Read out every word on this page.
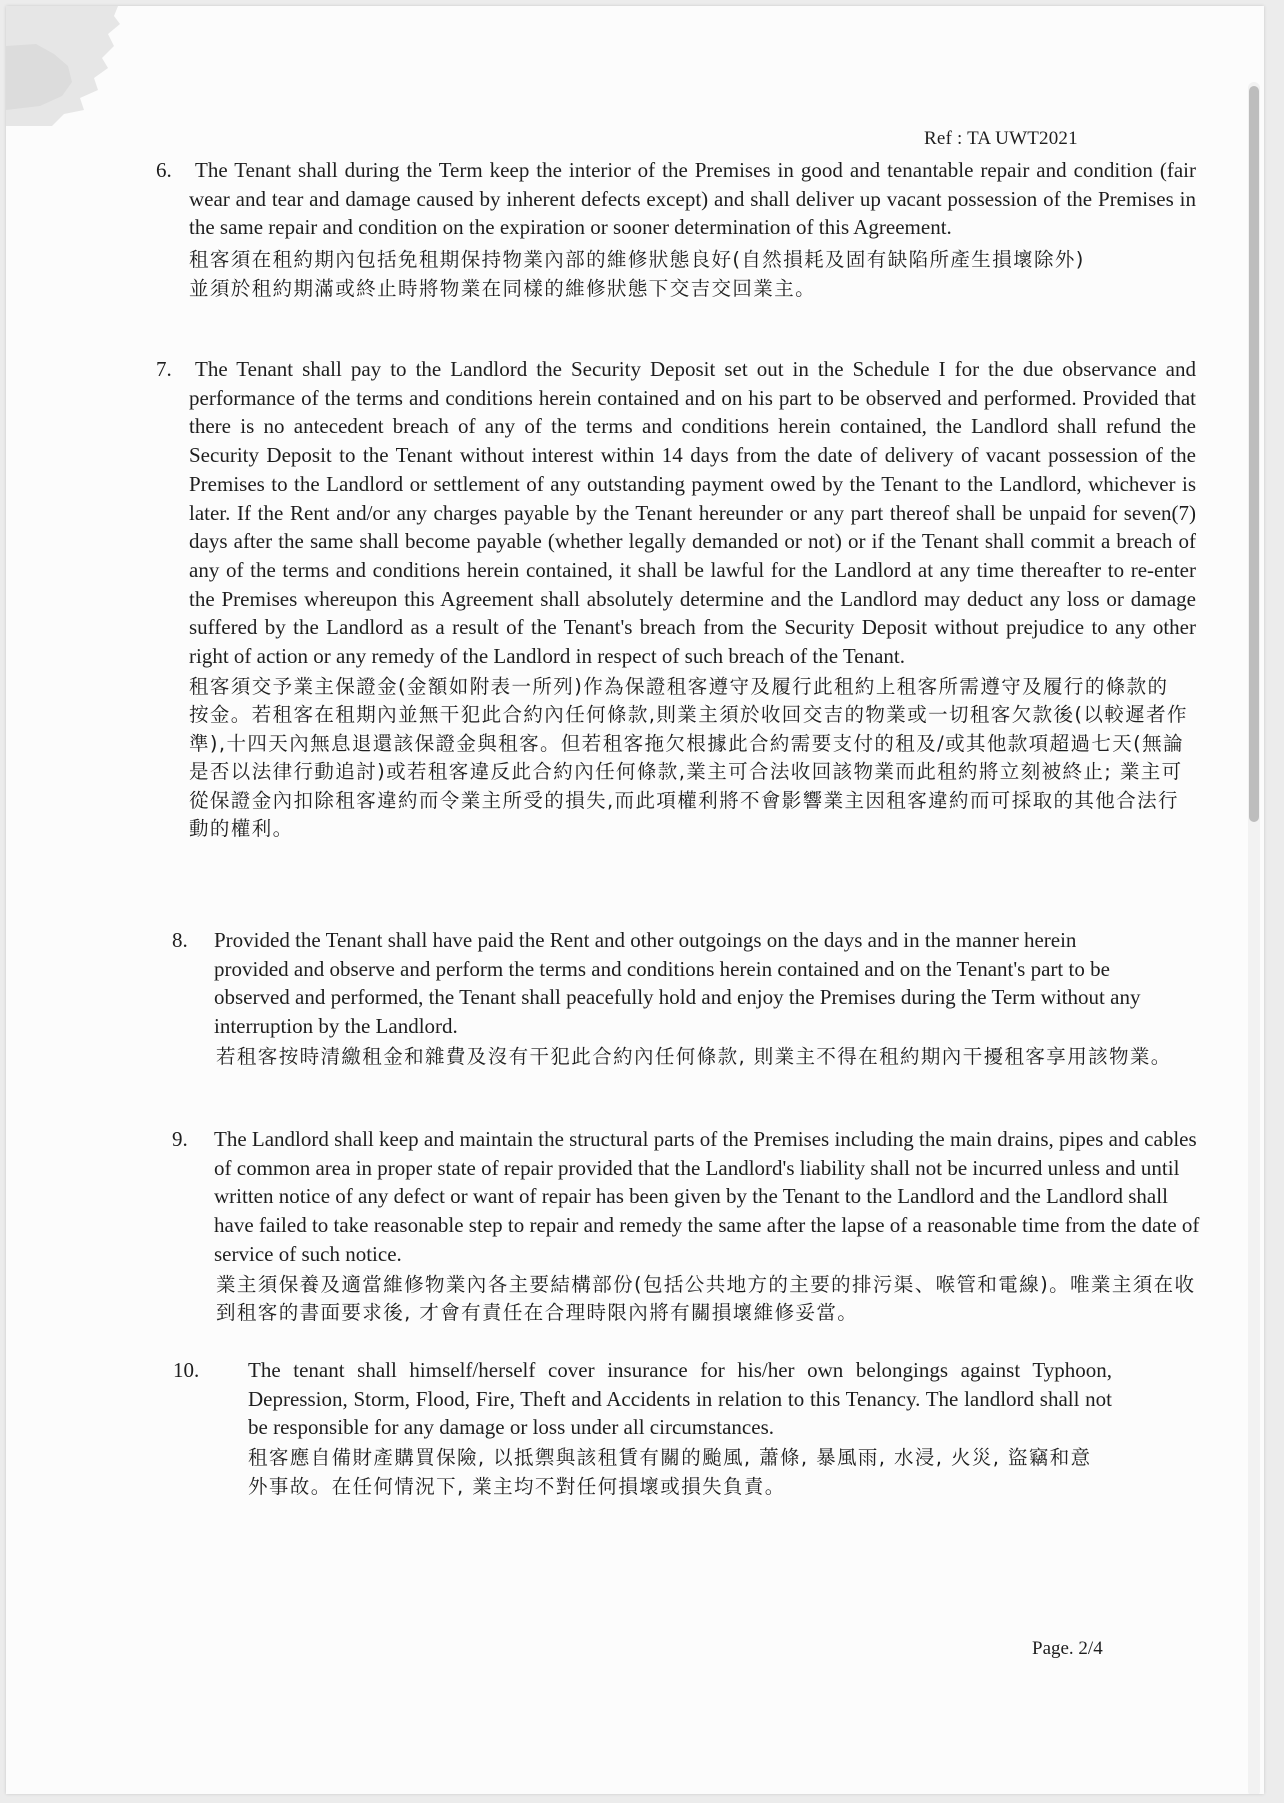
Ref : TA UWT2021
6. The Tenant shall during the Term keep the interior of the Premises in good and tenantable repair and condition (fair wear and tear and damage caused by inherent defects except) and shall deliver up vacant possession of the Premises in the same repair and condition on the expiration or sooner determination of this Agreement.

租客須在租約期內包括免租期保持物業內部的維修狀態良好(自然損耗及固有缺陷所產生損壞除外) 並須於租約期滿或終止時將物業在同樣的維修狀態下交吉交回業主。

7. The Tenant shall pay to the Landlord the Security Deposit set out in the Schedule I for the due observance and performance of the terms and conditions herein contained and on his part to be observed and performed. Provided that there is no antecedent breach of any of the terms and conditions herein contained, the Landlord shall refund the Security Deposit to the Tenant without interest within 14 days from the date of delivery of vacant possession of the Premises to the Landlord or settlement of any outstanding payment owed by the Tenant to the Landlord, whichever is later. If the Rent and/or any charges payable by the Tenant hereunder or any part thereof shall be unpaid for seven(7) days after the same shall become payable (whether legally demanded or not) or if the Tenant shall commit a breach of any of the terms and conditions herein contained, it shall be lawful for the Landlord at any time thereafter to re-enter the Premises whereupon this Agreement shall absolutely determine and the Landlord may deduct any loss or damage suffered by the Landlord as a result of the Tenant's breach from the Security Deposit without prejudice to any other right of action or any remedy of the Landlord in respect of such breach of the Tenant.

租客須交予業主保證金(金額如附表一所列)作為保證租客遵守及履行此租約上租客所需遵守及履行的條款的按金。若租客在租期內並無干犯此合約內任何條款,則業主須於收回交吉的物業或一切租客欠款後(以較遲者作準),十四天內無息退還該保證金與租客。但若租客拖欠根據此合約需要支付的租及/或其他款項超過七天(無論是否以法律行動追討)或若租客違反此合約內任何條款,業主可合法收回該物業而此租約將立刻被終止; 業主可從保證金內扣除租客違約而令業主所受的損失,而此項權利將不會影響業主因租客違約而可採取的其他合法行動的權利。

8. Provided the Tenant shall have paid the Rent and other outgoings on the days and in the manner herein provided and observe and perform the terms and conditions herein contained and on the Tenant's part to be observed and performed, the Tenant shall peacefully hold and enjoy the Premises during the Term without any interruption by the Landlord.

若租客按時清繳租金和雜費及沒有干犯此合約內任何條款, 則業主不得在租約期內干擾租客享用該物業。

9. The Landlord shall keep and maintain the structural parts of the Premises including the main drains, pipes and cables of common area in proper state of repair provided that the Landlord's liability shall not be incurred unless and until written notice of any defect or want of repair has been given by the Tenant to the Landlord and the Landlord shall have failed to take reasonable step to repair and remedy the same after the lapse of a reasonable time from the date of service of such notice.

業主須保養及適當維修物業內各主要結構部份(包括公共地方的主要的排污渠、喉管和電線)。唯業主須在收到租客的書面要求後, 才會有責任在合理時限內將有關損壞維修妥當。

10. The tenant shall himself/herself cover insurance for his/her own belongings against Typhoon, Depression, Storm, Flood, Fire, Theft and Accidents in relation to this Tenancy. The landlord shall not be responsible for any damage or loss under all circumstances.

租客應自備財產購買保險, 以抵禦與該租賃有關的颱風, 蕭條, 暴風雨, 水浸, 火災, 盜竊和意外事故。在任何情況下, 業主均不對任何損壞或損失負責。

Page. 2/4
